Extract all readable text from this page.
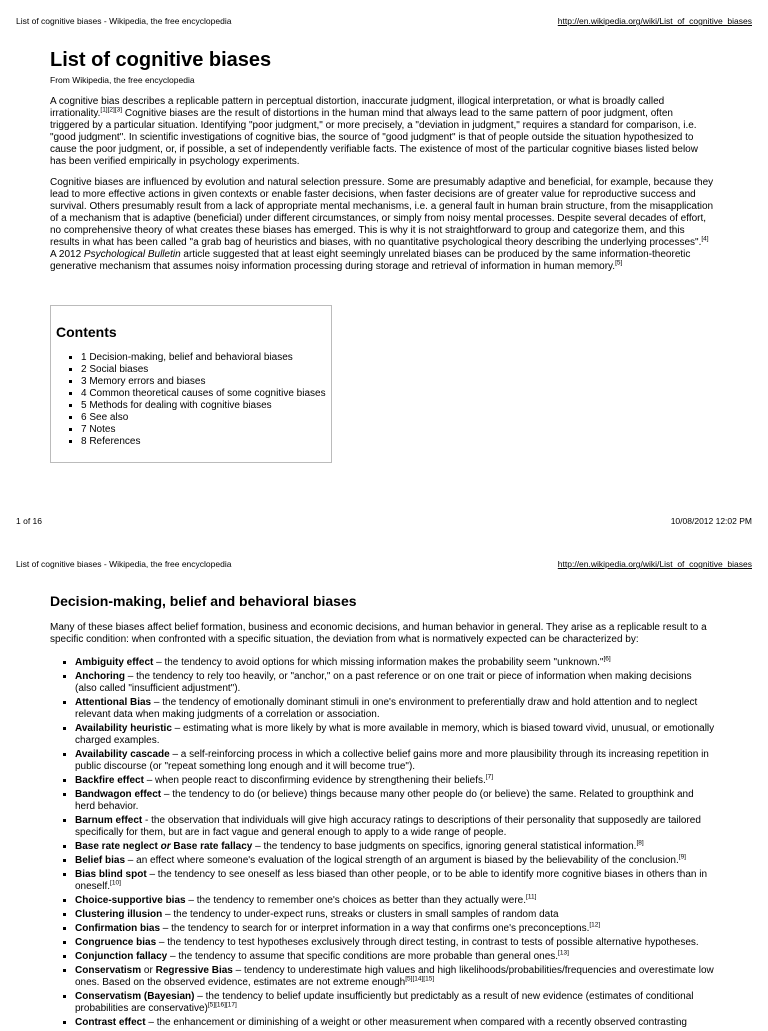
List of cognitive biases - Wikipedia, the free encyclopedia	http://en.wikipedia.org/wiki/List_of_cognitive_biases
List of cognitive biases
From Wikipedia, the free encyclopedia

A cognitive bias describes a replicable pattern in perceptual distortion, inaccurate judgment, illogical interpretation, or what is broadly called irrationality.[1][2][3] Cognitive biases are the result of distortions in the human mind that always lead to the same pattern of poor judgment, often triggered by a particular situation. Identifying "poor judgment," or more precisely, a "deviation in judgment," requires a standard for comparison, i.e. "good judgment". In scientific investigations of cognitive bias, the source of "good judgment" is that of people outside the situation hypothesized to cause the poor judgment, or, if possible, a set of independently verifiable facts. The existence of most of the particular cognitive biases listed below has been verified empirically in psychology experiments.

Cognitive biases are influenced by evolution and natural selection pressure. Some are presumably adaptive and beneficial, for example, because they lead to more effective actions in given contexts or enable faster decisions, when faster decisions are of greater value for reproductive success and survival. Others presumably result from a lack of appropriate mental mechanisms, i.e. a general fault in human brain structure, from the misapplication of a mechanism that is adaptive (beneficial) under different circumstances, or simply from noisy mental processes. Despite several decades of effort, no comprehensive theory of what creates these biases has emerged. This is why it is not straightforward to group and categorize them, and this results in what has been called "a grab bag of heuristics and biases, with no quantitative psychological theory describing the underlying processes".[4] A 2012 Psychological Bulletin article suggested that at least eight seemingly unrelated biases can be produced by the same information-theoretic generative mechanism that assumes noisy information processing during storage and retrieval of information in human memory.[5]

Contents
▪ 1 Decision-making, belief and behavioral biases
▪ 2 Social biases
▪ 3 Memory errors and biases
▪ 4 Common theoretical causes of some cognitive biases
▪ 5 Methods for dealing with cognitive biases
▪ 6 See also
▪ 7 Notes
▪ 8 References
1 of 16	10/08/2012 12:02 PM
List of cognitive biases - Wikipedia, the free encyclopedia	http://en.wikipedia.org/wiki/List_of_cognitive_biases
Decision-making, belief and behavioral biases
Many of these biases affect belief formation, business and economic decisions, and human behavior in general. They arise as a replicable result to a specific condition: when confronted with a specific situation, the deviation from what is normatively expected can be characterized by:
▪ Ambiguity effect – the tendency to avoid options for which missing information makes the probability seem "unknown."[6]
▪ Anchoring – the tendency to rely too heavily, or "anchor," on a past reference or on one trait or piece of information when making decisions (also called "insufficient adjustment").
▪ Attentional Bias – the tendency of emotionally dominant stimuli in one's environment to preferentially draw and hold attention and to neglect relevant data when making judgments of a correlation or association.
▪ Availability heuristic – estimating what is more likely by what is more available in memory, which is biased toward vivid, unusual, or emotionally charged examples.
▪ Availability cascade – a self-reinforcing process in which a collective belief gains more and more plausibility through its increasing repetition in public discourse (or "repeat something long enough and it will become true").
▪ Backfire effect – when people react to disconfirming evidence by strengthening their beliefs.[7]
▪ Bandwagon effect – the tendency to do (or believe) things because many other people do (or believe) the same. Related to groupthink and herd behavior.
▪ Barnum effect - the observation that individuals will give high accuracy ratings to descriptions of their personality that supposedly are tailored specifically for them, but are in fact vague and general enough to apply to a wide range of people.
▪ Base rate neglect or Base rate fallacy – the tendency to base judgments on specifics, ignoring general statistical information.[8]
▪ Belief bias – an effect where someone's evaluation of the logical strength of an argument is biased by the believability of the conclusion.[9]
▪ Bias blind spot – the tendency to see oneself as less biased than other people, or to be able to identify more cognitive biases in others than in oneself.[10]
▪ Choice-supportive bias – the tendency to remember one's choices as better than they actually were.[11]
▪ Clustering illusion – the tendency to under-expect runs, streaks or clusters in small samples of random data
▪ Confirmation bias – the tendency to search for or interpret information in a way that confirms one's preconceptions.[12]
▪ Congruence bias – the tendency to test hypotheses exclusively through direct testing, in contrast to tests of possible alternative hypotheses.
▪ Conjunction fallacy – the tendency to assume that specific conditions are more probable than general ones.[13]
▪ Conservatism or Regressive Bias – tendency to underestimate high values and high likelihoods/probabilities/frequencies and overestimate low ones. Based on the observed evidence, estimates are not extreme enough[5][14][15]
▪ Conservatism (Bayesian) – the tendency to belief update insufficiently but predictably as a result of new evidence (estimates of conditional probabilities are conservative)[5][16][17]
▪ Contrast effect – the enhancement or diminishing of a weight or other measurement when compared with a recently observed contrasting
